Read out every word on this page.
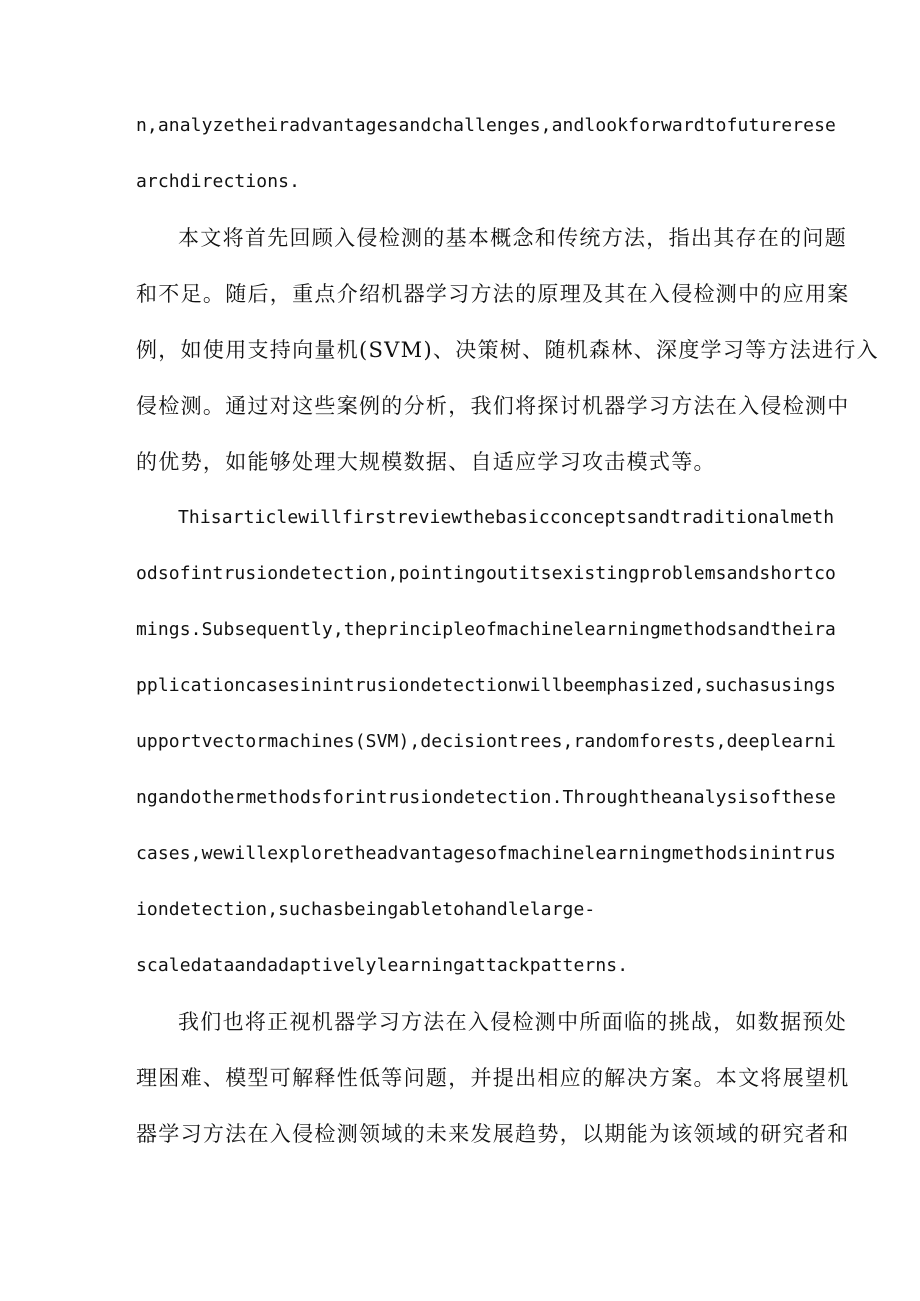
n,analyzetheiradvantagesandchallenges,andlookforwardtofuturerese
archdirections.
本文将首先回顾入侵检测的基本概念和传统方法，指出其存在的问题
和不足。随后，重点介绍机器学习方法的原理及其在入侵检测中的应用案
例，如使用支持向量机(SVM)、决策树、随机森林、深度学习等方法进行入
侵检测。通过对这些案例的分析，我们将探讨机器学习方法在入侵检测中
的优势，如能够处理大规模数据、自适应学习攻击模式等。
Thisarticlewillfirstreviewthebasicconceptsandtraditionalmeth
odsofintrusiondetection,pointingoutitsexistingproblemsandshortco
mings.Subsequently,theprincipleofmachinelearningmethodsandtheira
pplicationcasesinintrusiondetectionwillbeemphasized,suchasusings
upportvectormachines(SVM),decisiontrees,randomforests,deeplearni
ngandothermethodsforintrusiondetection.Throughtheanalysisofthese
cases,wewillexploretheadvantagesofmachinelearningmethodsinintrus
iondetection,suchasbeingabletohandlelarge-
scaledataandadaptivelylearningattackpatterns.
我们也将正视机器学习方法在入侵检测中所面临的挑战，如数据预处
理困难、模型可解释性低等问题，并提出相应的解决方案。本文将展望机
器学习方法在入侵检测领域的未来发展趋势，以期能为该领域的研究者和
